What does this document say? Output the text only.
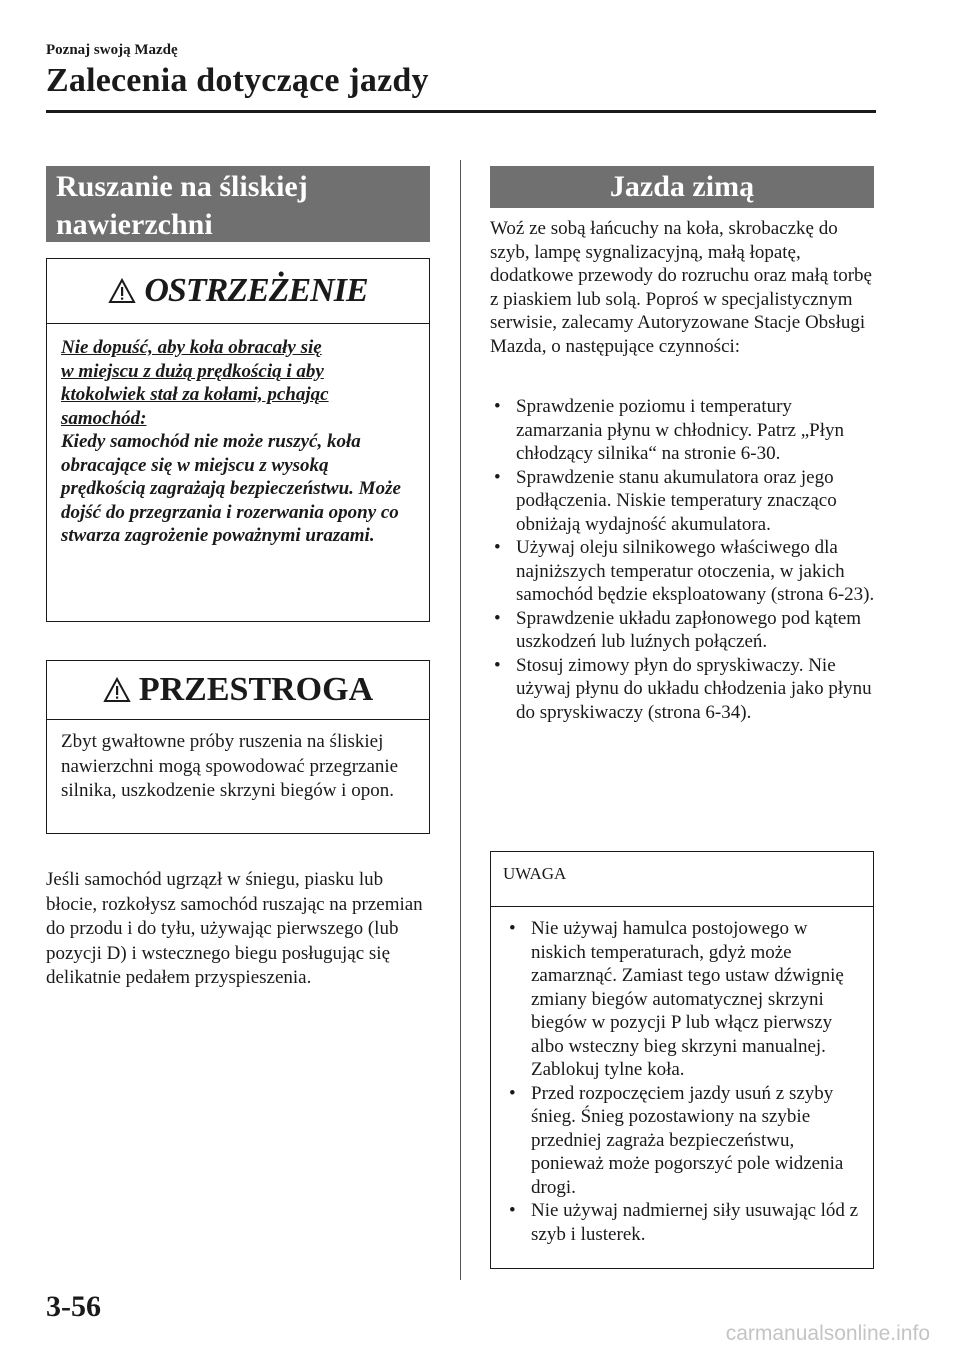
Poznaj swoją Mazdę
Zalecenia dotyczące jazdy
Ruszanie na śliskiej nawierzchni
OSTRZEŻENIE
Nie dopuść, aby koła obracały się
w miejscu z dużą prędkością i aby
ktokolwiek stał za kołami, pchając
samochód:
Kiedy samochód nie może ruszyć, koła obracające się w miejscu z wysoką prędkością zagrażają bezpieczeństwu. Może dojść do przegrzania i rozerwania opony co stwarza zagrożenie poważnymi urazami.
PRZESTROGA
Zbyt gwałtowne próby ruszenia na śliskiej nawierzchni mogą spowodować przegrzanie silnika, uszkodzenie skrzyni biegów i opon.
Jeśli samochód ugrzązł w śniegu, piasku lub błocie, rozkołysz samochód ruszając na przemian do przodu i do tyłu, używając pierwszego (lub pozycji D) i wstecznego biegu posługując się delikatnie pedałem przyspieszenia.
Jazda zimą
Woź ze sobą łańcuchy na koła, skrobaczkę do szyb, lampę sygnalizacyjną, małą łopatę, dodatkowe przewody do rozruchu oraz małą torbę z piaskiem lub solą. Poproś w specjalistycznym serwisie, zalecamy Autoryzowane Stacje Obsługi Mazda, o następujące czynności:
• Sprawdzenie poziomu i temperatury zamarzania płynu w chłodnicy. Patrz „Płyn chłodzący silnika“ na stronie 6-30.
• Sprawdzenie stanu akumulatora oraz jego podłączenia. Niskie temperatury znacząco obniżają wydajność akumulatora.
• Używaj oleju silnikowego właściwego dla najniższych temperatur otoczenia, w jakich samochód będzie eksploatowany (strona 6-23).
• Sprawdzenie układu zapłonowego pod kątem uszkodzeń lub luźnych połączeń.
• Stosuj zimowy płyn do spryskiwaczy. Nie używaj płynu do układu chłodzenia jako płynu do spryskiwaczy (strona 6-34).
UWAGA
• Nie używaj hamulca postojowego w niskich temperaturach, gdyż może zamarznąć. Zamiast tego ustaw dźwignię zmiany biegów automatycznej skrzyni biegów w pozycji P lub włącz pierwszy albo wsteczny bieg skrzyni manualnej. Zablokuj tylne koła.
• Przed rozpoczęciem jazdy usuń z szyby śnieg. Śnieg pozostawiony na szybie przedniej zagraża bezpieczeństwu, ponieważ może pogorszyć pole widzenia drogi.
• Nie używaj nadmiernej siły usuwając lód z szyb i lusterek.
3-56
carmanualsonline.info
